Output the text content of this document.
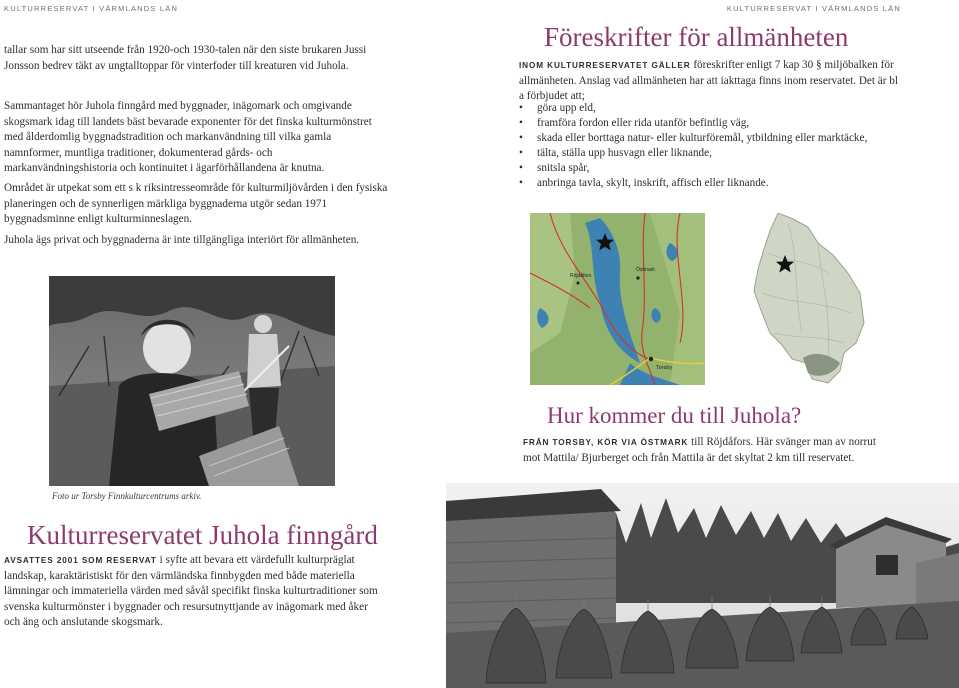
KULTURRESERVAT I VÄRMLANDS LÄN	KULTURRESERVAT I VÄRMLANDS LÄN

tallar som har sitt utseende från 1920-och 1930-talen när den siste brukaren Jussi Jonsson bedrev täkt av ungtalltoppar för vinterfoder till kreaturen vid Juhola.

Sammantaget hör Juhola finngård med byggnader, inägomark och omgivande skogsmark idag till landets bäst bevarade exponenter för det finska kulturmönstret med ålderdomlig byggnadstradition och markanvändning till vilka gamla namnformer, muntliga traditioner, dokumenterad gårds- och markanvändningshistoria och kontinuitet i ägarförhållandena är knutna.

Området är utpekat som ett s k riksintresseområde för kulturmiljövården i den fysiska planeringen och de synnerligen märkliga byggnaderna utgör sedan 1971 byggnadsminne enligt kulturminneslagen.

Juhola ägs privat och byggnaderna är inte tillgängliga interiört för allmänheten.

Foto ur Torsby Finnkulturcentrums arkiv.
Kulturreservatet Juhola finngård

AVSATTES 2001 SOM RESERVAT i syfte att bevara ett värdefullt kulturpräglat landskap, karaktäristiskt för den värmländska finnbygden med både materiella lämningar och immateriella värden med såvål specifikt finska kulturtraditioner som svenska kulturmönster i byggnader och resursutnyttjande av inägomark med åker och äng och anslutande skogsmark.

Föreskrifter för allmänheten

INOM KULTURRESERVATET GÄLLER föreskrifter enligt 7 kap 30 § miljöbalken för allmänheten. Anslag vad allmänheten har att iakttaga finns inom reservatet. Det är bl a förbjudet att;

• göra upp eld,
• framföra fordon eller rida utanför befintlig väg,
• skada eller borttaga natur- eller kulturföremål, ytbildning eller marktäcke,
• tälta, ställa upp husvagn eller liknande,
• snitsla spår,
• anbringa tavla, skylt, inskrift, affisch eller liknande.
Östmark
Torsby
Röjdåfors
Hur kommer du till Juhola?

FRÅN TORSBY, KÖR VIA ÖSTMARK till Röjdåfors. Här svänger man av norrut mot Mattila/ Bjurberget och från Mattila är det skyltat 2 km till reservatet.
